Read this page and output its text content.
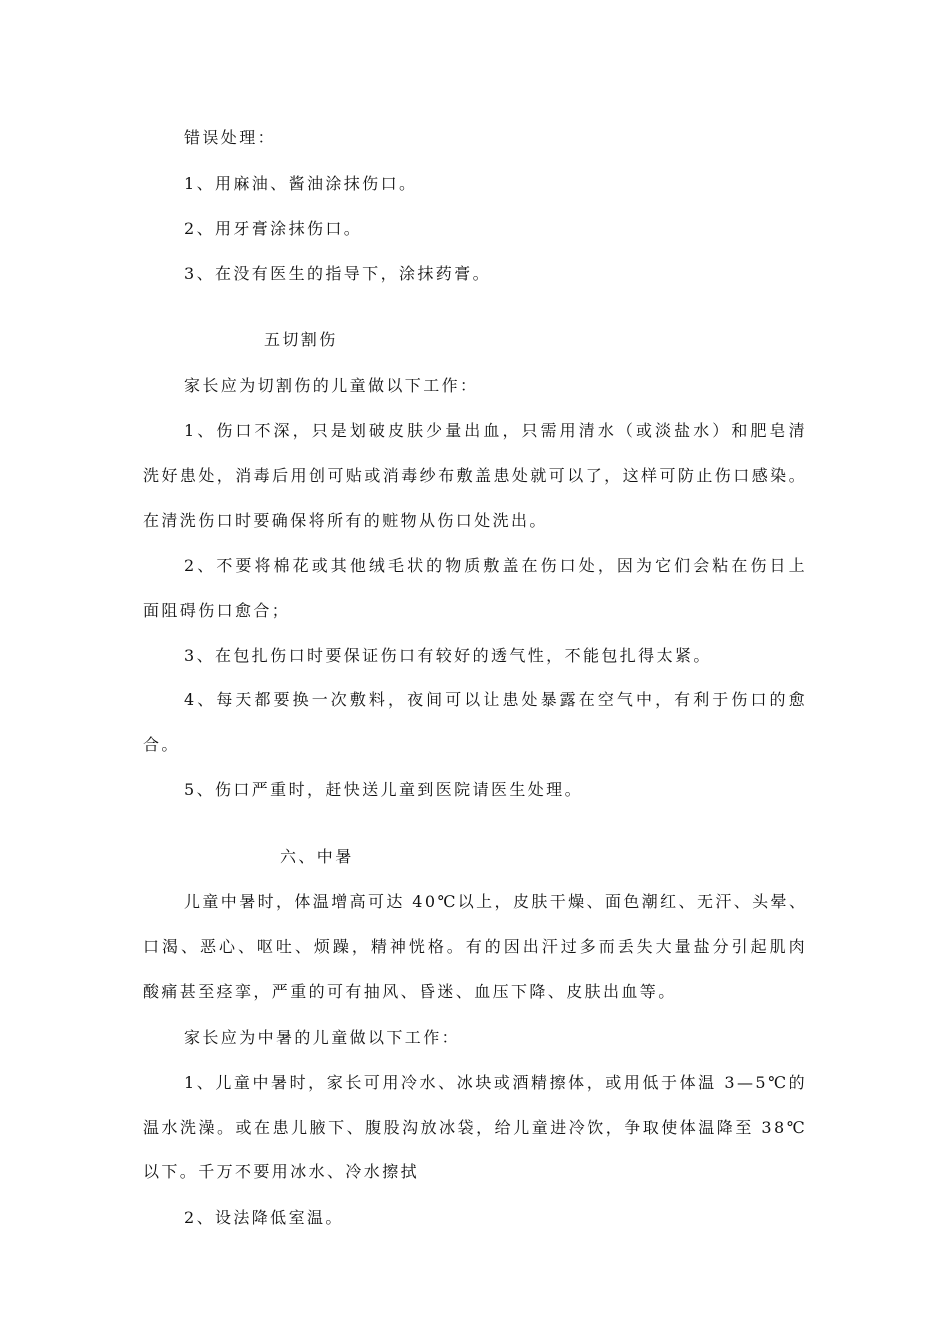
错误处理：
1、用麻油、酱油涂抹伤口。
2、用牙膏涂抹伤口。
3、在没有医生的指导下，涂抹药膏。
五切割伤
家长应为切割伤的儿童做以下工作：
1、伤口不深，只是划破皮肤少量出血，只需用清水（或淡盐水）和肥皂清
洗好患处，消毒后用创可贴或消毒纱布敷盖患处就可以了，这样可防止伤口感染。
在清洗伤口时要确保将所有的赃物从伤口处洗出。
2、不要将棉花或其他绒毛状的物质敷盖在伤口处，因为它们会粘在伤日上
面阻碍伤口愈合；
3、在包扎伤口时要保证伤口有较好的透气性，不能包扎得太紧。
4、每天都要换一次敷料，夜间可以让患处暴露在空气中，有利于伤口的愈
合。
5、伤口严重时，赶快送儿童到医院请医生处理。
六、中暑
儿童中暑时，体温增高可达 40℃以上，皮肤干燥、面色潮红、无汗、头晕、
口渴、恶心、呕吐、烦躁，精神恍格。有的因出汗过多而丢失大量盐分引起肌肉
酸痛甚至痉挛，严重的可有抽风、昏迷、血压下降、皮肤出血等。
家长应为中暑的儿童做以下工作：
1、儿童中暑时，家长可用冷水、冰块或酒精擦体，或用低于体温 3—5℃的
温水洗澡。或在患儿腋下、腹股沟放冰袋，给儿童进冷饮，争取使体温降至 38℃
以下。千万不要用冰水、冷水擦拭
2、设法降低室温。
